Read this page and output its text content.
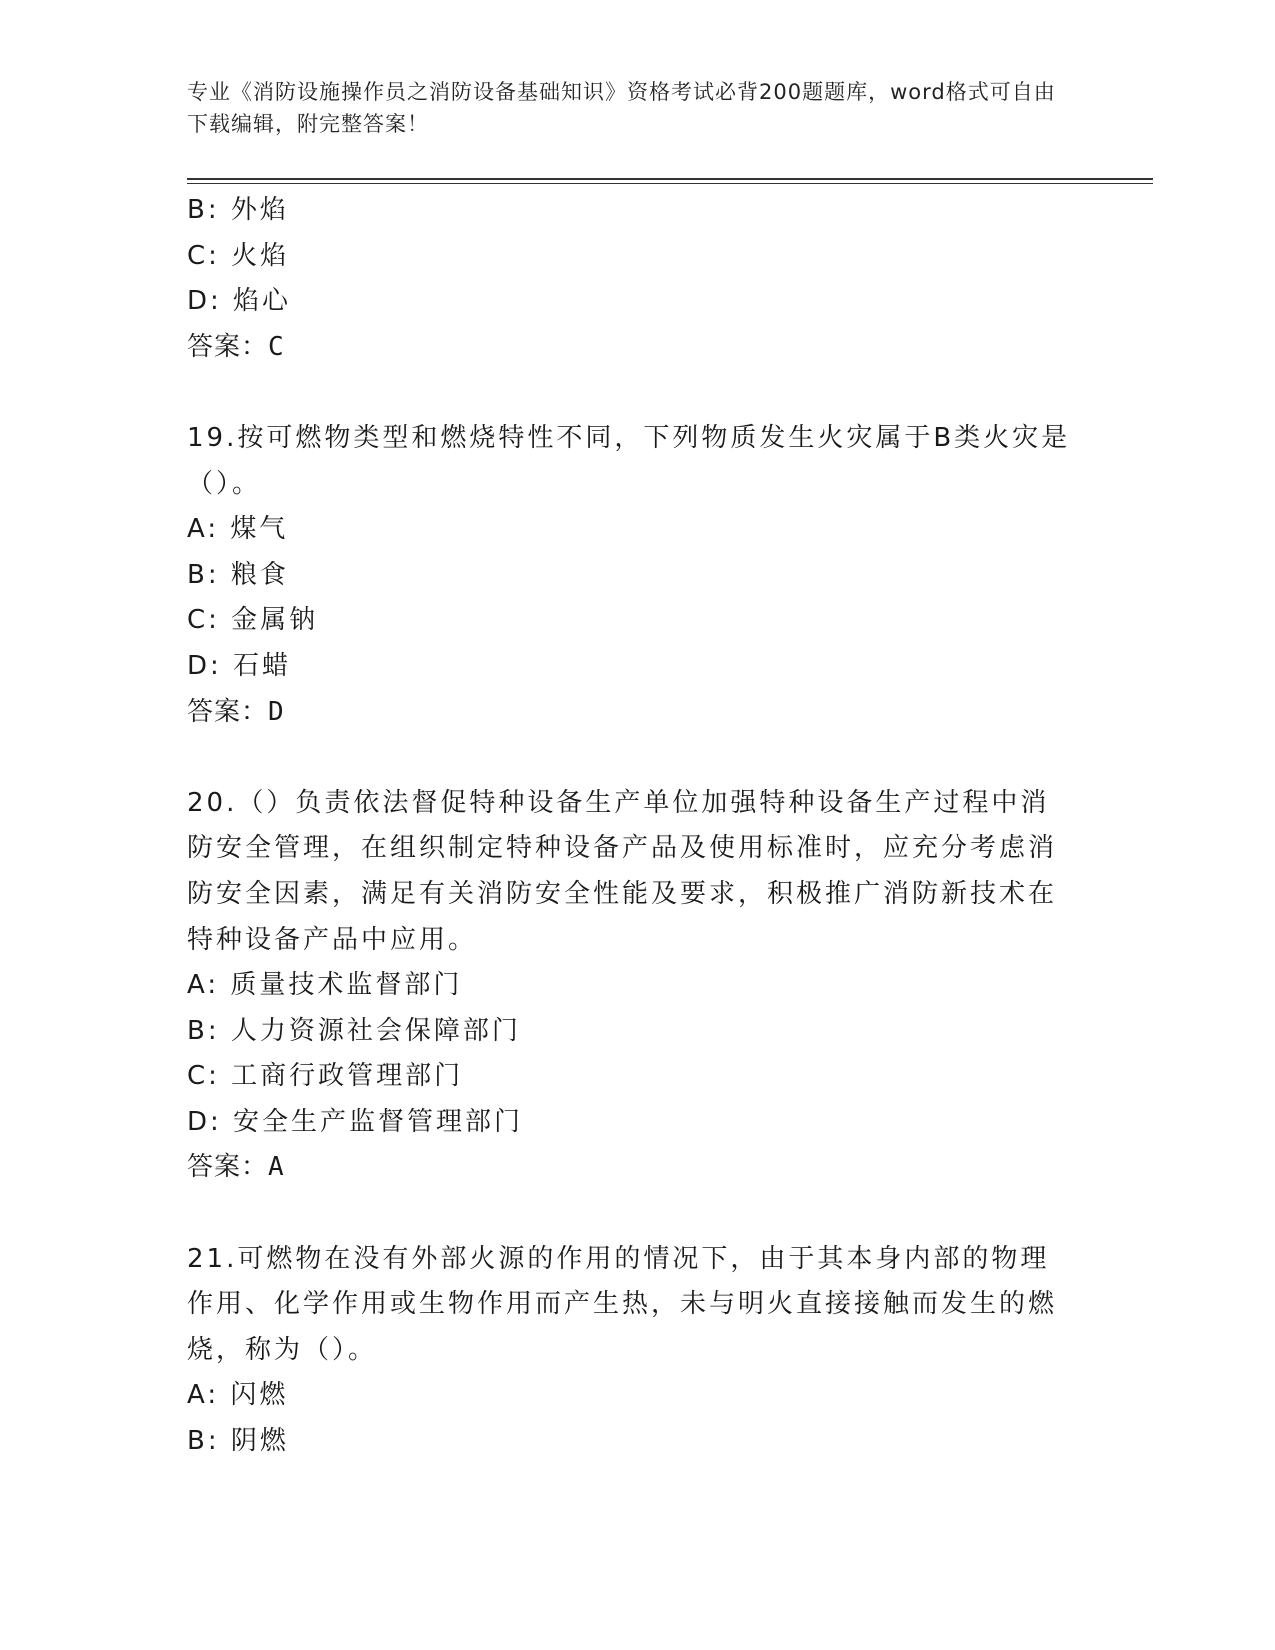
专业《消防设施操作员之消防设备基础知识》资格考试必背200题题库，word格式可自由下载编辑，附完整答案！

B: 外焰

C: 火焰

D: 焰心

答案：C

19.按可燃物类型和燃烧特性不同，下列物质发生火灾属于B类火灾是（）。

A: 煤气

B: 粮食

C: 金属钠

D: 石蜡

答案：D

20.（）负责依法督促特种设备生产单位加强特种设备生产过程中消防安全管理，在组织制定特种设备产品及使用标准时，应充分考虑消防安全因素，满足有关消防安全性能及要求，积极推广消防新技术在特种设备产品中应用。

A: 质量技术监督部门

B: 人力资源社会保障部门

C: 工商行政管理部门

D: 安全生产监督管理部门

答案：A

21.可燃物在没有外部火源的作用的情况下，由于其本身内部的物理作用、化学作用或生物作用而产生热，未与明火直接接触而发生的燃烧，称为（）。

A: 闪燃

B: 阴燃
